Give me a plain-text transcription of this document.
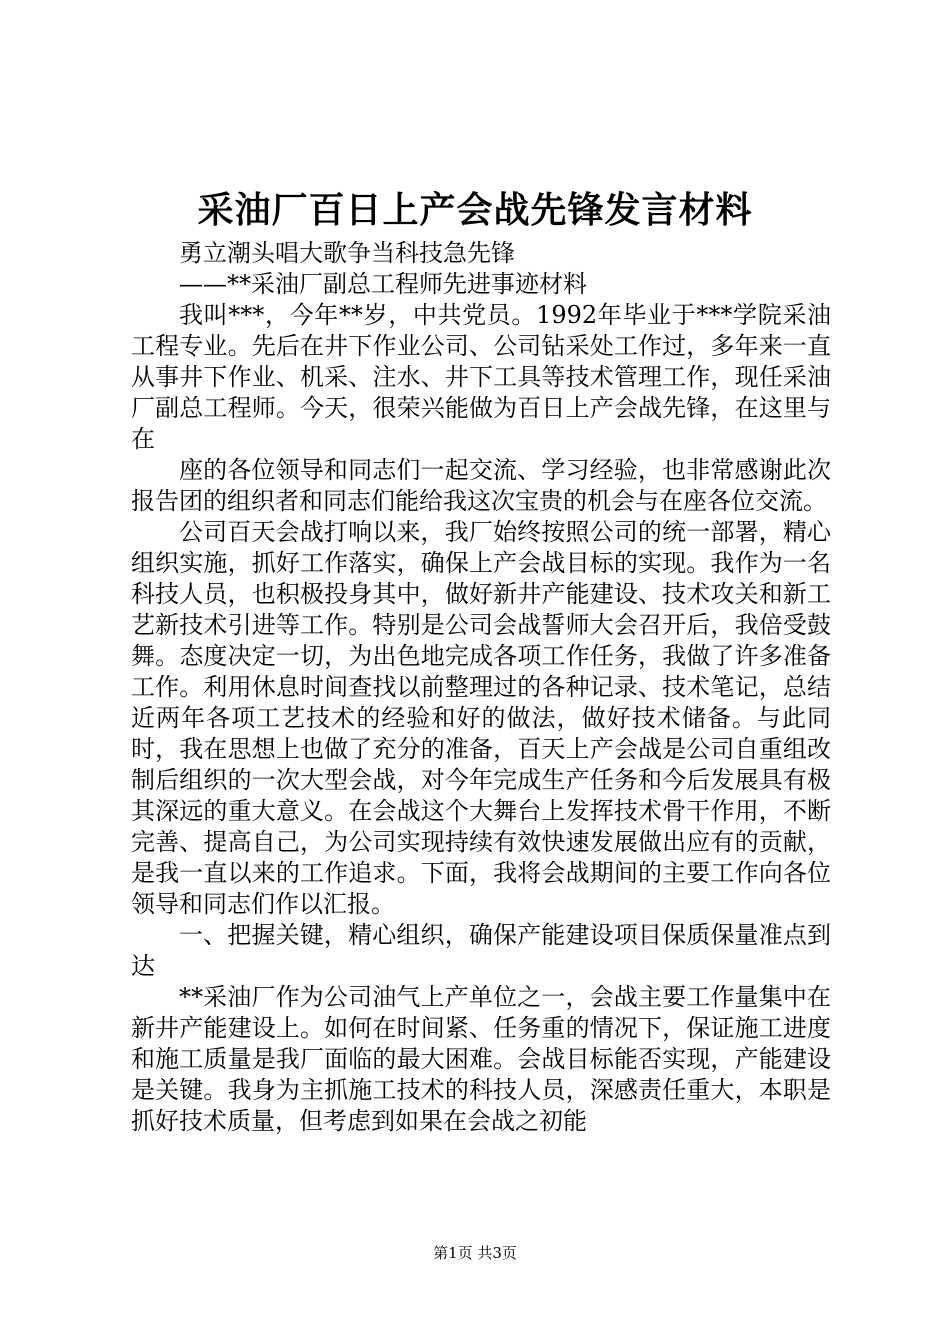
采油厂百日上产会战先锋发言材料

勇立潮头唱大歌争当科技急先锋

——**采油厂副总工程师先进事迹材料

我叫***，今年**岁，中共党员。1992年毕业于***学院采油工程专业。先后在井下作业公司、公司钻采处工作过，多年来一直从事井下作业、机采、注水、井下工具等技术管理工作，现任采油厂副总工程师。今天，很荣兴能做为百日上产会战先锋，在这里与在

座的各位领导和同志们一起交流、学习经验，也非常感谢此次报告团的组织者和同志们能给我这次宝贵的机会与在座各位交流。

公司百天会战打响以来，我厂始终按照公司的统一部署，精心组织实施，抓好工作落实，确保上产会战目标的实现。我作为一名科技人员，也积极投身其中，做好新井产能建设、技术攻关和新工艺新技术引进等工作。特别是公司会战誓师大会召开后，我倍受鼓舞。态度决定一切，为出色地完成各项工作任务，我做了许多准备工作。利用休息时间查找以前整理过的各种记录、技术笔记，总结近两年各项工艺技术的经验和好的做法，做好技术储备。与此同时，我在思想上也做了充分的准备，百天上产会战是公司自重组改制后组织的一次大型会战，对今年完成生产任务和今后发展具有极其深远的重大意义。在会战这个大舞台上发挥技术骨干作用，不断完善、提高自己，为公司实现持续有效快速发展做出应有的贡献，是我一直以来的工作追求。下面，我将会战期间的主要工作向各位领导和同志们作以汇报。

一、把握关键，精心组织，确保产能建设项目保质保量准点到达

**采油厂作为公司油气上产单位之一，会战主要工作量集中在新井产能建设上。如何在时间紧、任务重的情况下，保证施工进度和施工质量是我厂面临的最大困难。会战目标能否实现，产能建设是关键。我身为主抓施工技术的科技人员，深感责任重大，本职是抓好技术质量，但考虑到如果在会战之初能

第1页 共3页
